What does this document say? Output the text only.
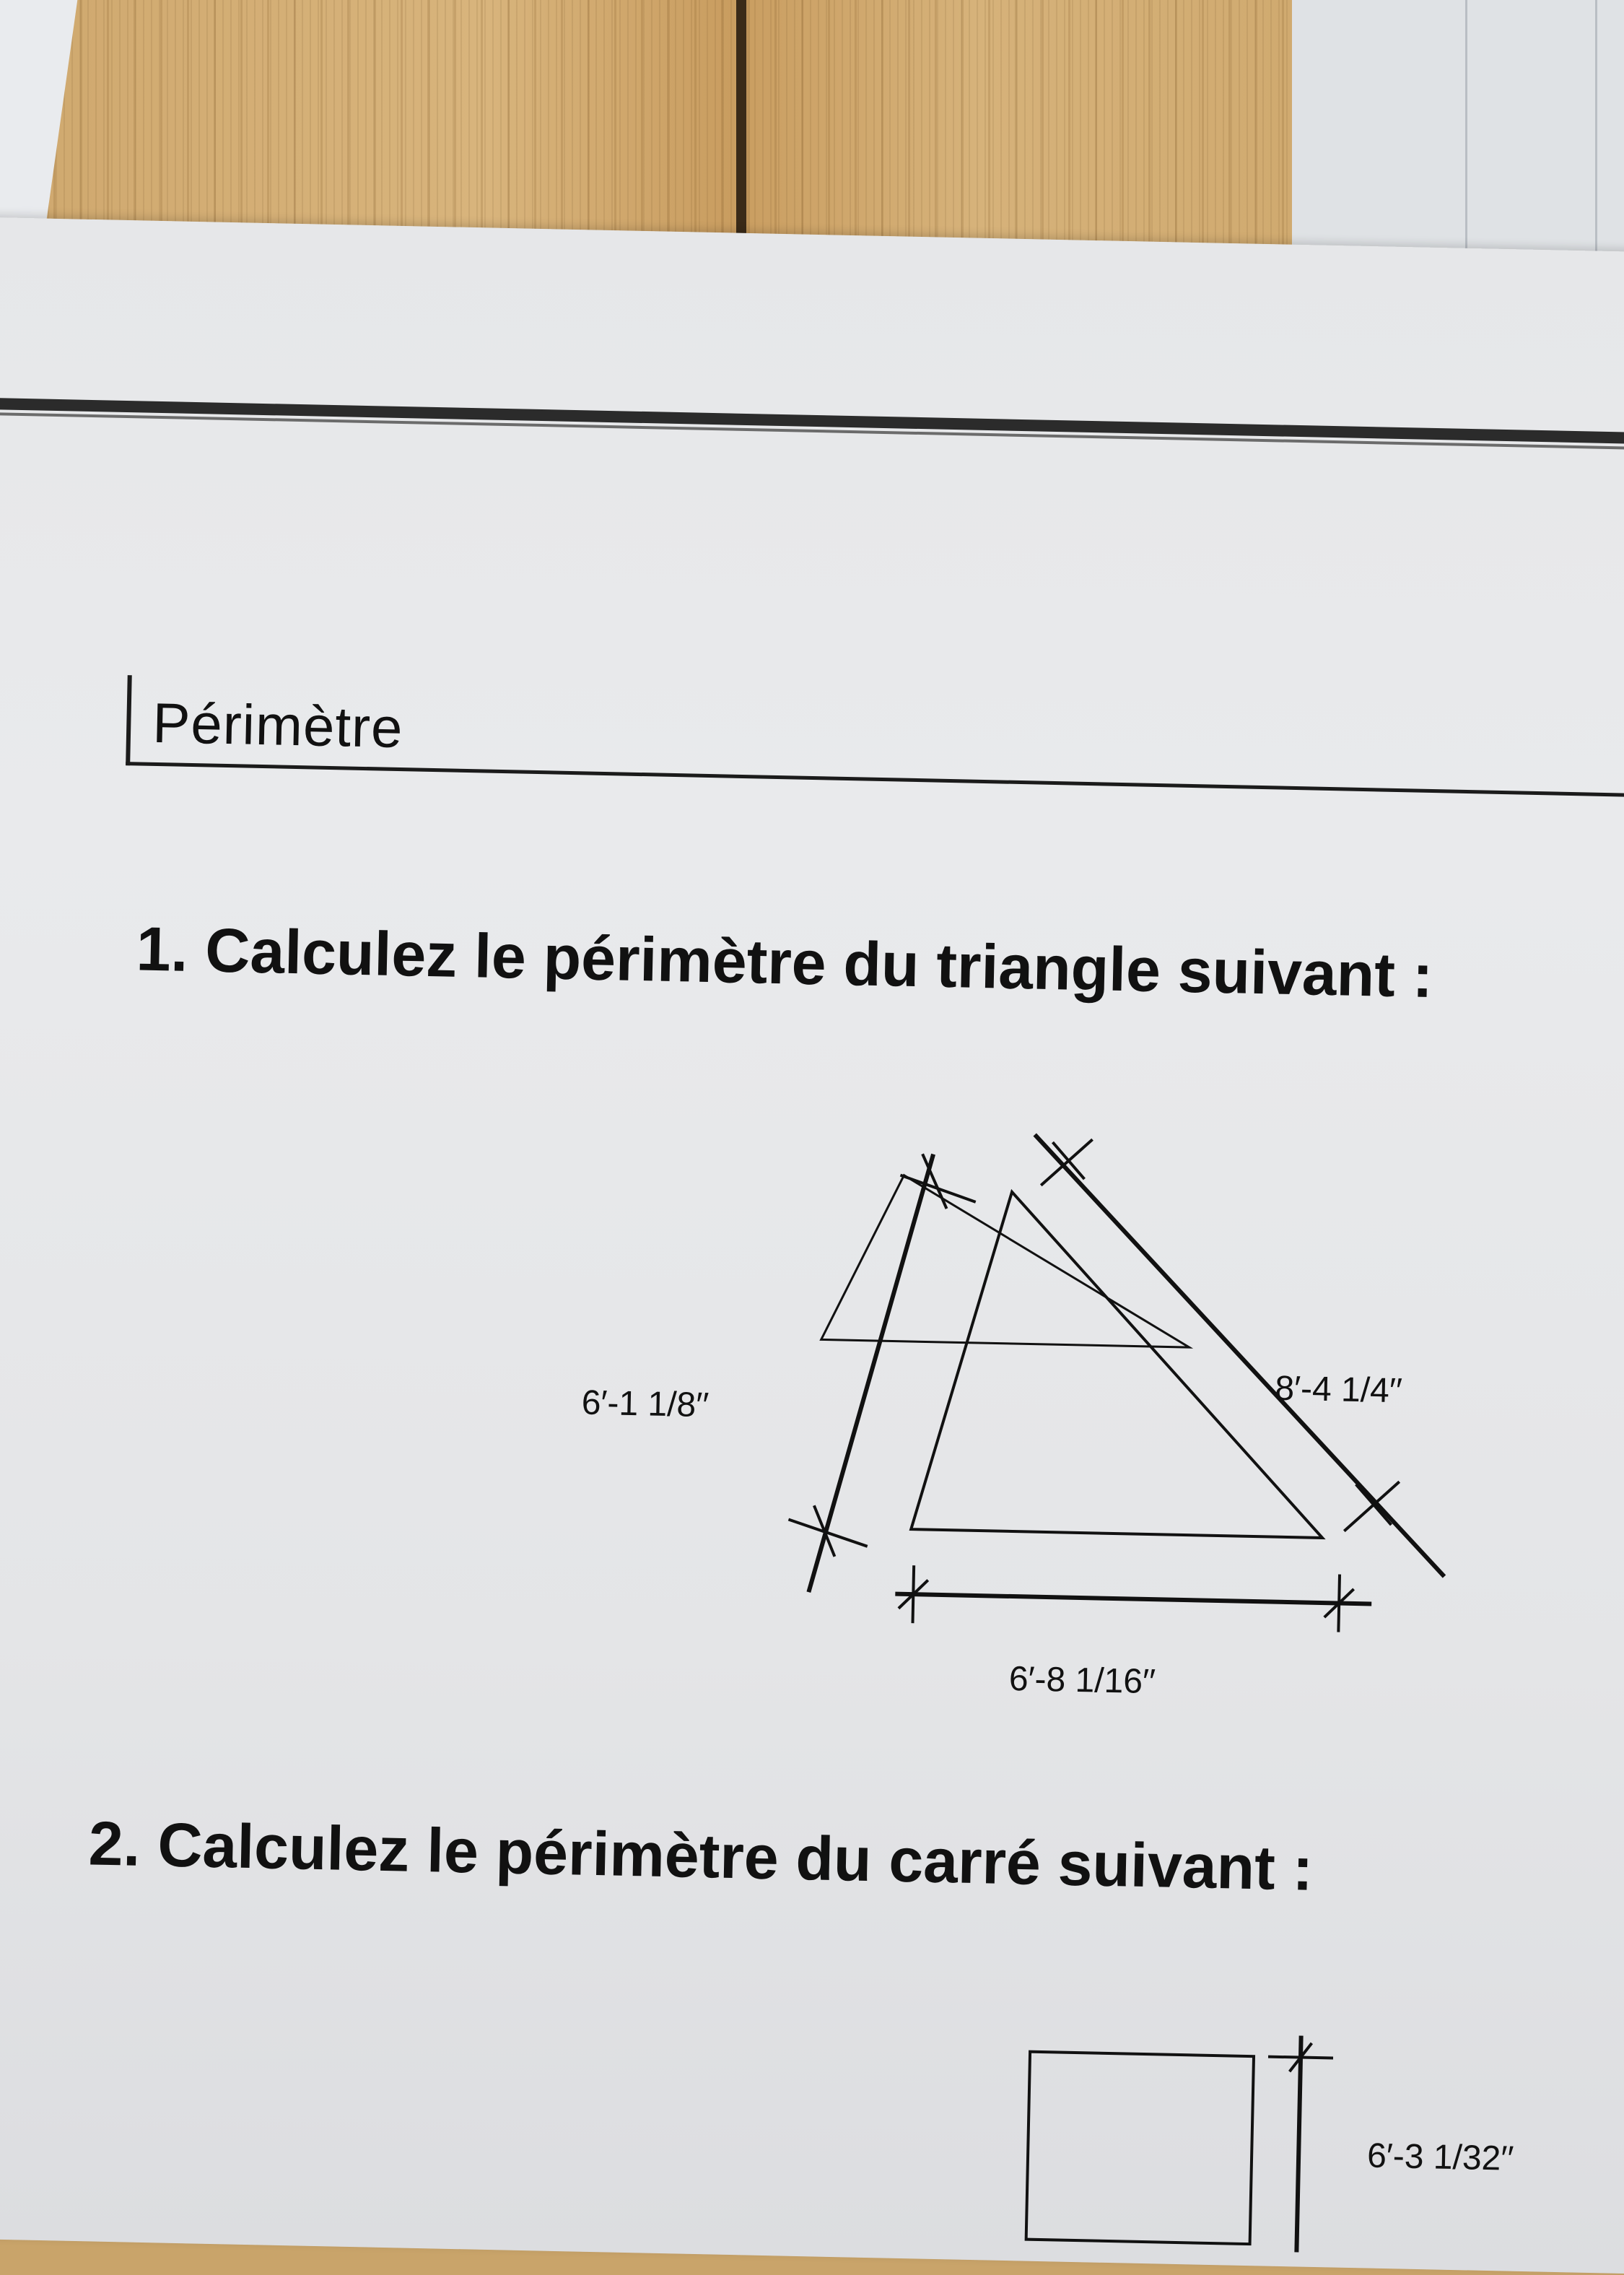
Périmètre
1. Calculez le périmètre du triangle suivant :
6′-1 1/8′′	8′-4 1/4′′
6′-8 1/16′′
2. Calculez le périmètre du carré suivant :
6′-3 1/32′′
